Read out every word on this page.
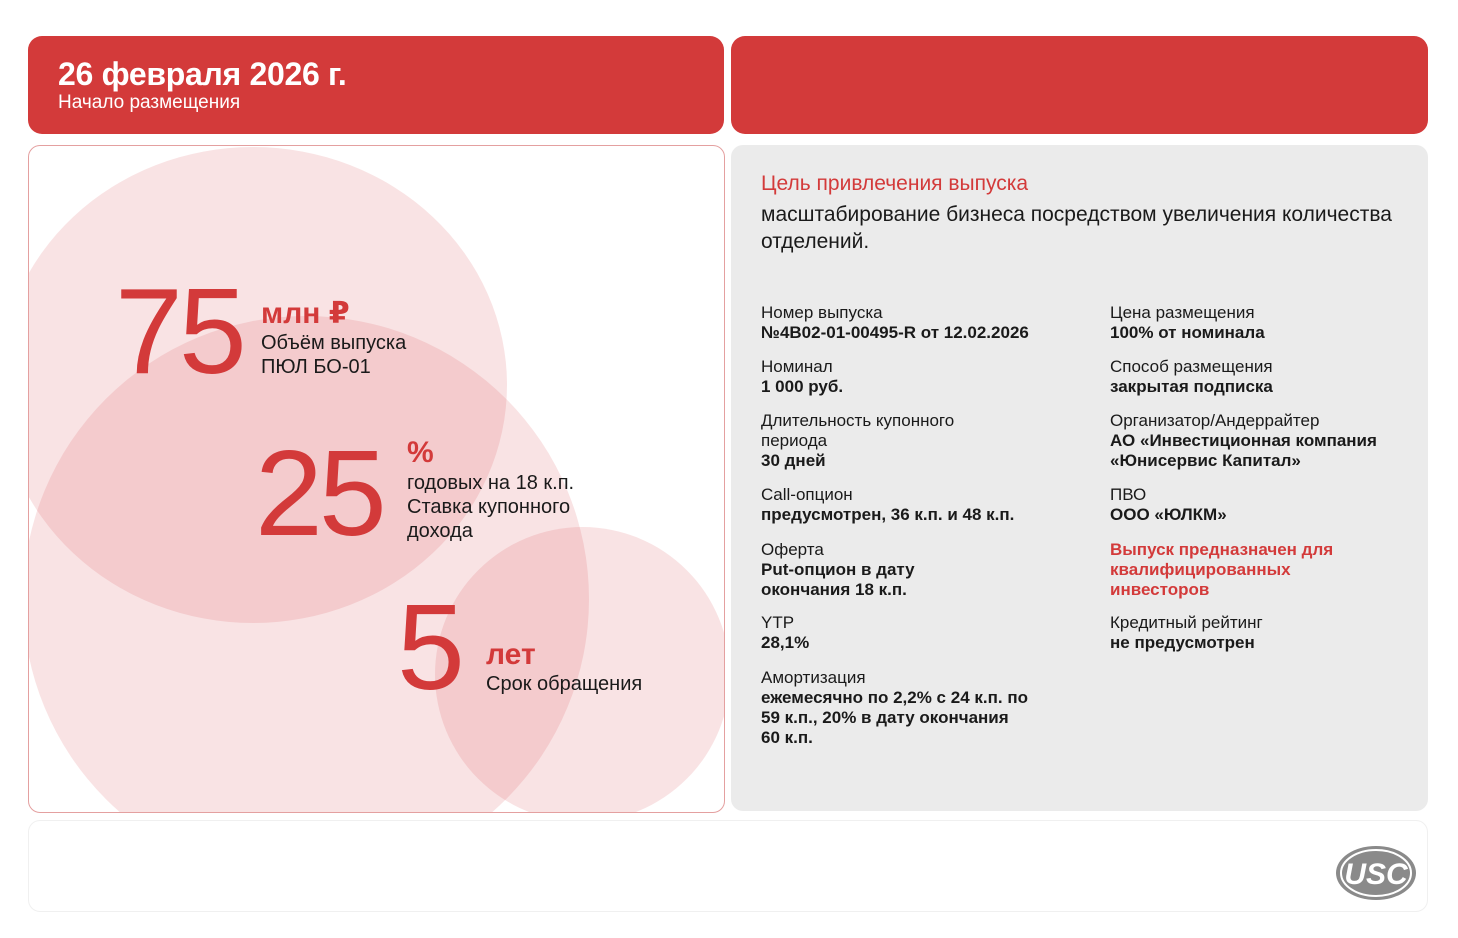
26 февраля 2026 г.
Начало размещения
75 млн ₽
Объём выпуска
ПЮЛ БО-01
25 %
годовых на 18 к.п.
Ставка купонного
дохода
5 лет
Срок обращения
Цель привлечения выпуска
масштабирование бизнеса посредством увеличения количества отделений.
Номер выпуска
№4B02-01-00495-R от 12.02.2026
Номинал
1 000 руб.
Длительность купонного периода
30 дней
Call-опцион
предусмотрен, 36 к.п. и 48 к.п.
Оферта
Put-опцион в дату окончания 18 к.п.
YTP
28,1%
Амортизация
ежемесячно по 2,2% с 24 к.п. по 59 к.п., 20% в дату окончания 60 к.п.
Цена размещения
100% от номинала
Способ размещения
закрытая подписка
Организатор/Андеррайтер
АО «Инвестиционная компания «Юнисервис Капитал»
ПВО
ООО «ЮЛКМ»
Выпуск предназначен для квалифицированных инвесторов
Кредитный рейтинг
не предусмотрен
USC
